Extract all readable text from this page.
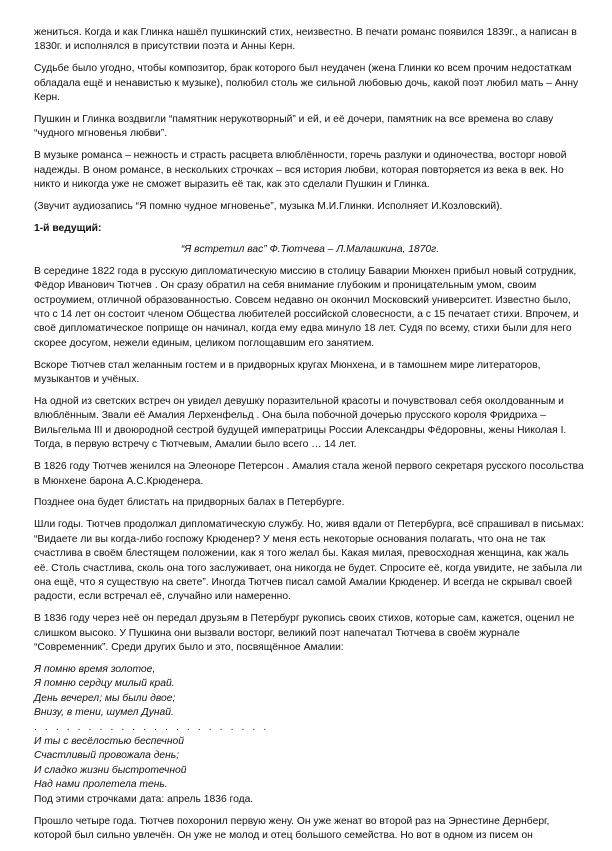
жениться. Когда и как Глинка нашёл пушкинский стих, неизвестно. В печати романс появился 1839г., а написан в 1830г. и исполнялся в присутствии поэта и Анны Керн.

Судьбе было угодно, чтобы композитор, брак которого был неудачен (жена Глинки ко всем прочим недостаткам обладала ещё и ненавистью к музыке), полюбил столь же сильной любовью дочь, какой поэт любил мать – Анну Керн.

Пушкин и Глинка воздвигли “памятник нерукотворный” и ей, и её дочери, памятник на все времена во славу “чудного мгновенья любви”.

В музыке романса – нежность и страсть расцвета влюблённости, горечь разлуки и одиночества, восторг новой надежды. В оном романсе, в нескольких строчках – вся история любви, которая повторяется из века в век. Но никто и никогда уже не сможет выразить её так, как это сделали Пушкин и Глинка.

(Звучит аудиозапись “Я помню чудное мгновенье”, музыка М.И.Глинки. Исполняет И.Козловский).

1-й ведущий:
“Я встретил вас” Ф.Тютчева – Л.Малашкина, 1870г.

В середине 1822 года в русскую дипломатическую миссию в столицу Баварии Мюнхен прибыл новый сотрудник, Фёдор Иванович Тютчев . Он сразу обратил на себя внимание глубоким и проницательным умом, своим остроумием, отличной образованностью. Совсем недавно он окончил Московский университет. Известно было, что с 14 лет он состоит членом Общества любителей российской словесности, а с 15 печатает стихи. Впрочем, и своё дипломатическое поприще он начинал, когда ему едва минуло 18 лет. Судя по всему, стихи были для него скорее досугом, нежели единым, целиком поглощавшим его занятием.

Вскоре Тютчев стал желанным гостем и в придворных кругах Мюнхена, и в тамошнем мире литераторов, музыкантов и учёных.

На одной из светских встреч он увидел девушку поразительной красоты и почувствовал себя околдованным и влюблённым. Звали её Амалия Лерхенфельд . Она была побочной дочерью прусского короля Фридриха – Вильгельма III и двоюродной сестрой будущей императрицы России Александры Фёдоровны, жены Николая I. Тогда, в первую встречу с Тютчевым, Амалии было всего … 14 лет.

В 1826 году Тютчев женился на Элеоноре Петерсон . Амалия стала женой первого секретаря русского посольства в Мюнхене барона А.С.Крюденера.

Позднее она будет блистать на придворных балах в Петербурге.

Шли годы. Тютчев продолжал дипломатическую службу. Но, живя вдали от Петербурга, всё спрашивал в письмах: “Видаете ли вы когда-либо госпожу Крюденер? У меня есть некоторые основания полагать, что она не так счастлива в своём блестящем положении, как я того желал бы. Какая милая, превосходная женщина, как жаль её. Столь счастлива, сколь она того заслуживает, она никогда не будет. Спросите её, когда увидите, не забыла ли она ещё, что я существую на свете”. Иногда Тютчев писал самой Амалии Крюденер. И всегда не скрывал своей радости, если встречал её, случайно или намеренно.

В 1836 году через неё он передал друзьям в Петербург рукопись своих стихов, которые сам, кажется, оценил не слишком высоко. У Пушкина они вызвали восторг, великий поэт напечатал Тютчева в своём журнале “Современник”. Среди других было и это, посвящённое Амалии:

Я помню время золотое,
Я помню сердцу милый край.
День вечерел; мы были двое;
Внизу, в тени, шумел Дунай.
. . . . . . . . . . . . . . . . . . . . . .
И ты с весёлостью беспечной
Счастливый провожала день;
И сладко жизни быстротечной
Над нами пролетела тень.
Под этими строчками дата: апрель 1836 года.

Прошло четыре года. Тютчев похоронил первую жену. Он уже женат во второй раз на Эрнестине Дернберг, которой был сильно увлечён. Он уже не молод и отец большого семейства. Но вот в одном из писем он
